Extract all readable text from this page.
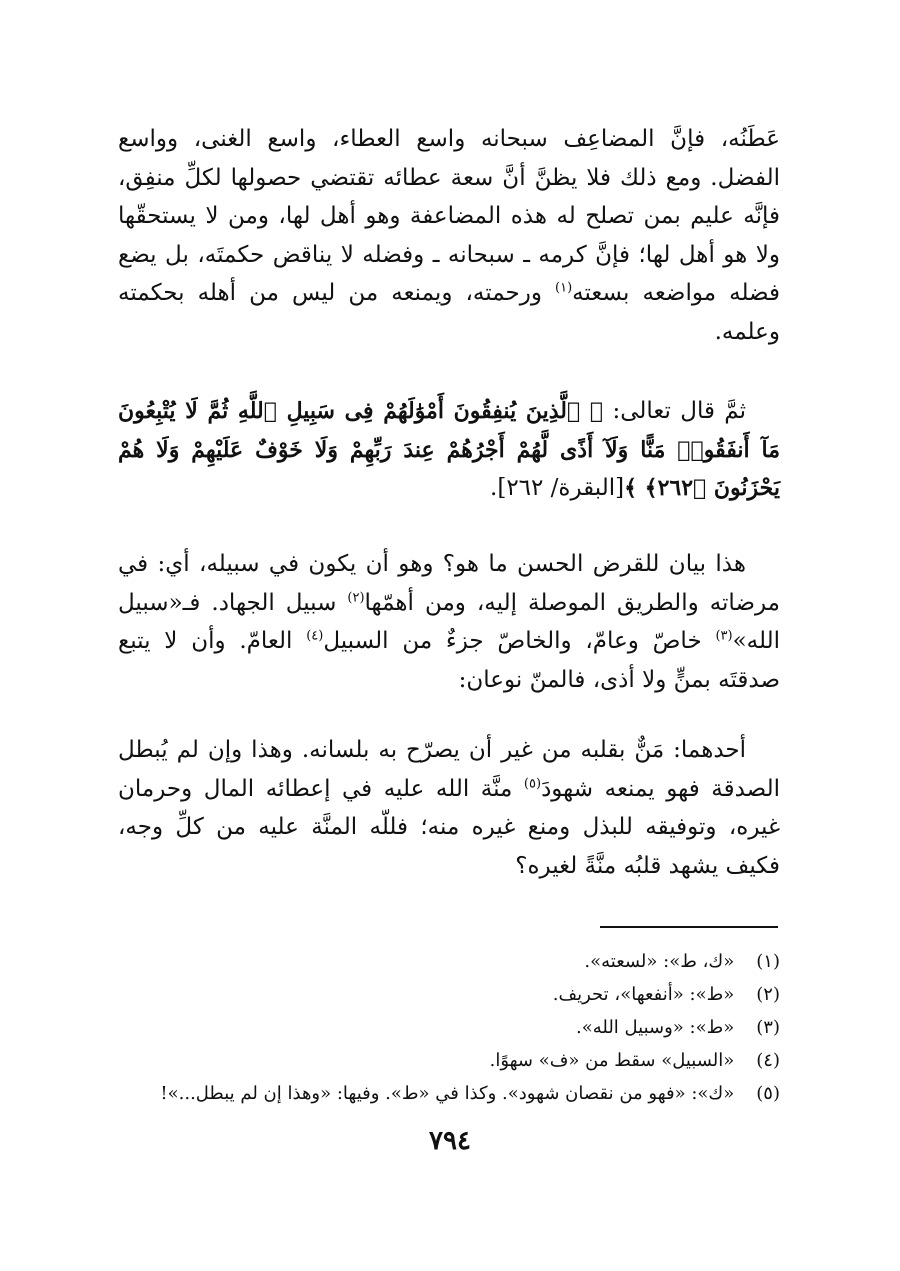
عَطَنُه، فإنَّ المضاعِف سبحانه واسع العطاء، واسع الغنى، وواسع الفضل. ومع ذلك فلا يظنَّ أنَّ سعة عطائه تقتضي حصولها لكلِّ منفِق، فإنَّه عليم بمن تصلح له هذه المضاعفة وهو أهل لها، ومن لا يستحقّها ولا هو أهل لها؛ فإنَّ كرمه ـ سبحانه ـ وفضله لا يناقض حكمتَه، بل يضع فضله مواضعه بسعته$^{(١)}$ ورحمته، ويمنعه من ليس من أهله بحكمته وعلمه.

ثمَّ قال تعالى: ﴿ ٱلَّذِينَ يُنفِقُونَ أَمْوَٰلَهُمْ فِى سَبِيلِ ٱللَّهِ ثُمَّ لَا يُتْبِعُونَ مَآ أَنفَقُوا۟ مَنًّا وَلَآ أَذًى لَّهُمْ أَجْرُهُمْ عِندَ رَبِّهِمْ وَلَا خَوْفٌ عَلَيْهِمْ وَلَا هُمْ يَحْزَنُونَ ﴿٢٦٢﴾ ﴾[البقرة/ ٢٦٢].

هذا بيان للقرض الحسن ما هو؟ وهو أن يكون في سبيله، أي: في مرضاته والطريق الموصلة إليه، ومن أهمّها$^{(٢)}$ سبيل الجهاد. فـ«سبيل الله»$^{(٣)}$ خاصّ وعامّ، والخاصّ جزءٌ من السبيل$^{(٤)}$ العامّ. وأن لا يتبع صدقتَه بمنٍّ ولا أذى، فالمنّ نوعان:

أحدهما: مَنٌّ بقلبه من غير أن يصرّح به بلسانه. وهذا وإن لم يُبطل الصدقة فهو يمنعه شهودَ$^{(٥)}$ منَّة الله عليه في إعطائه المال وحرمان غيره، وتوفيقه للبذل ومنع غيره منه؛ فللّه المنَّة عليه من كلِّ وجه، فكيف يشهد قلبُه منَّةً لغيره؟

(١) «ك، ط»: «لسعته».
(٢) «ط»: «أنفعها»، تحريف.
(٣) «ط»: «وسبيل الله».
(٤) «السبيل» سقط من «ف» سهوًا.
(٥) «ك»: «فهو من نقصان شهود». وكذا في «ط». وفيها: «وهذا إن لم يبطل...»!
٧٩٤
